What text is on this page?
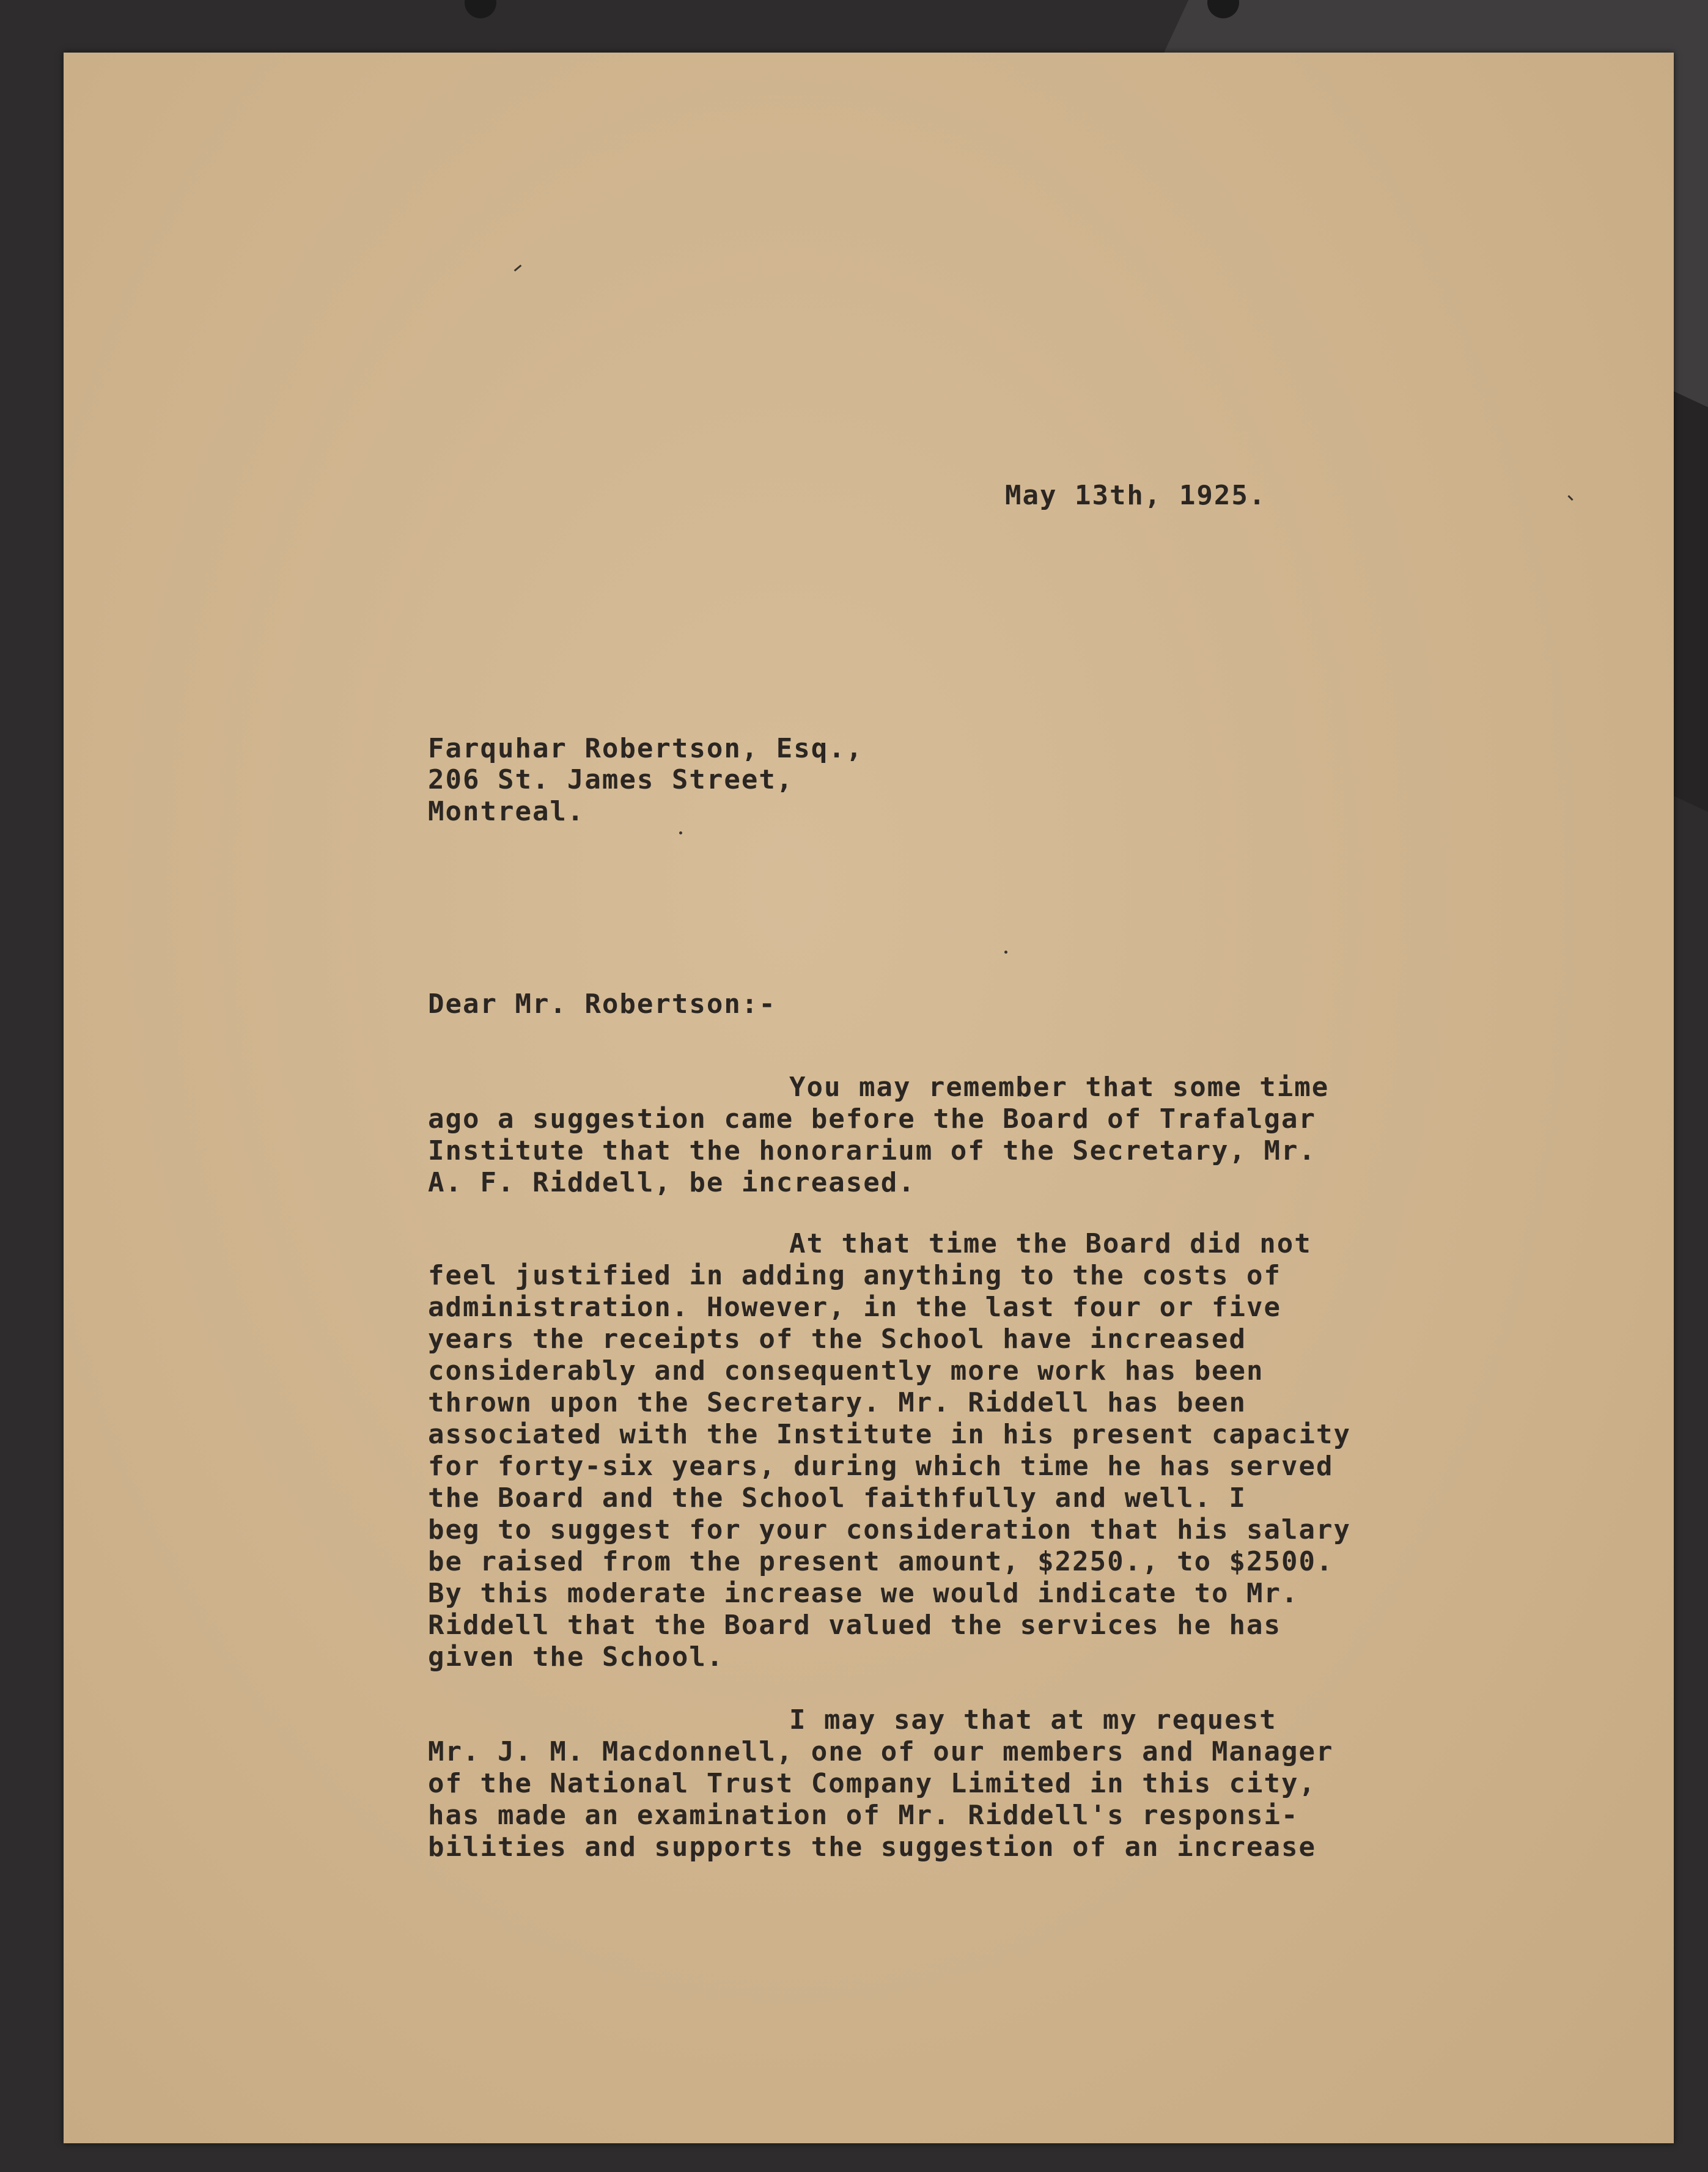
May 13th, 1925.

Farquhar Robertson, Esq.,

206 St. James Street,

Montreal.

Dear Mr. Robertson:-

You may remember that some time

ago a suggestion came before the Board of Trafalgar

Institute that the honorarium of the Secretary, Mr.

A. F. Riddell, be increased.

At that time the Board did not

feel justified in adding anything to the costs of

administration. However, in the last four or five

years the receipts of the School have increased

considerably and consequently more work has been

thrown upon the Secretary. Mr. Riddell has been

associated with the Institute in his present capacity

for forty-six years, during which time he has served

the Board and the School faithfully and well. I

beg to suggest for your consideration that his salary

be raised from the present amount, $2250., to $2500.

By this moderate increase we would indicate to Mr.

Riddell that the Board valued the services he has

given the School.

I may say that at my request

Mr. J. M. Macdonnell, one of our members and Manager

of the National Trust Company Limited in this city,

has made an examination of Mr. Riddell's responsi-

bilities and supports the suggestion of an increase
